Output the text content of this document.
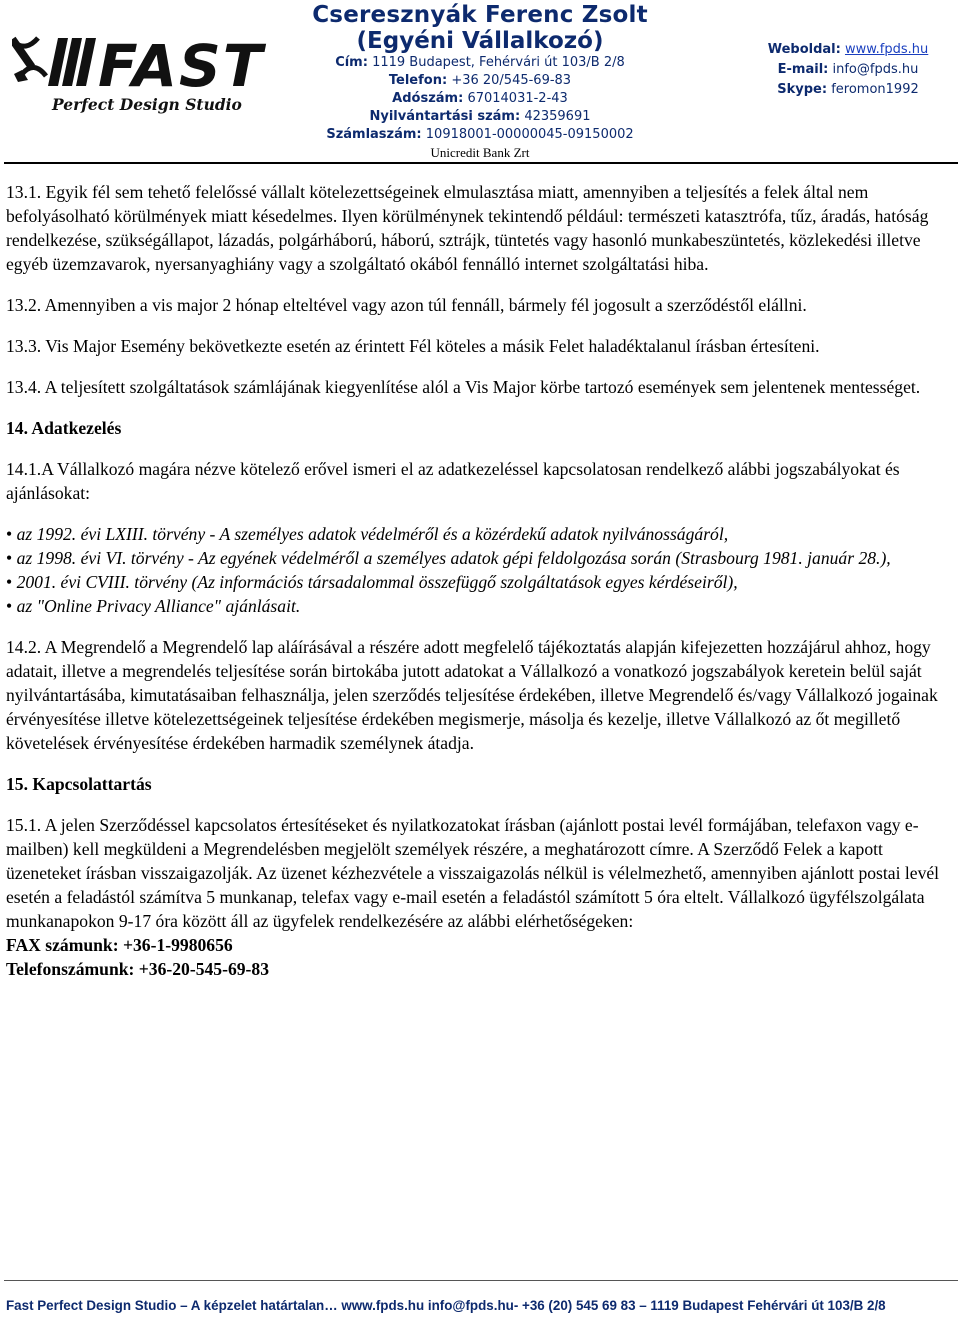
FAST
Perfect Design Studio
Cseresznyák Ferenc Zsolt
(Egyéni Vállalkozó)
Cím: 1119 Budapest, Fehérvári út 103/B 2/8
Telefon: +36 20/545-69-83
Adószám: 67014031-2-43
Nyilvántartási szám: 42359691
Számlaszám: 10918001-00000045-09150002
Unicredit Bank Zrt
Weboldal: www.fpds.hu
E-mail: info@fpds.hu
Skype: feromon1992

13.1. Egyik fél sem tehető felelőssé vállalt kötelezettségeinek elmulasztása miatt, amennyiben a teljesítés a felek által nem befolyásolható körülmények miatt késedelmes. Ilyen körülménynek tekintendő például: természeti katasztrófa, tűz, áradás, hatóság rendelkezése, szükségállapot, lázadás, polgárháború, háború, sztrájk, tüntetés vagy hasonló munkabeszüntetés, közlekedési illetve egyéb üzemzavarok, nyersanyaghiány vagy a szolgáltató okából fennálló internet szolgáltatási hiba.

13.2. Amennyiben a vis major 2 hónap elteltével vagy azon túl fennáll, bármely fél jogosult a szerződéstől elállni.

13.3. Vis Major Esemény bekövetkezte esetén az érintett Fél köteles a másik Felet haladéktalanul írásban értesíteni.

13.4. A teljesített szolgáltatások számlájának kiegyenlítése alól a Vis Major körbe tartozó események sem jelentenek mentességet.

14. Adatkezelés

14.1.A Vállalkozó magára nézve kötelező erővel ismeri el az adatkezeléssel kapcsolatosan rendelkező alábbi jogszabályokat és ajánlásokat:

• az 1992. évi LXIII. törvény - A személyes adatok védelméről és a közérdekű adatok nyilvánosságáról,
• az 1998. évi VI. törvény - Az egyének védelméről a személyes adatok gépi feldolgozása során (Strasbourg 1981. január 28.),
• 2001. évi CVIII. törvény (Az információs társadalommal összefüggő szolgáltatások egyes kérdéseiről),
• az "Online Privacy Alliance" ajánlásait.

14.2. A Megrendelő a Megrendelő lap aláírásával a részére adott megfelelő tájékoztatás alapján kifejezetten hozzájárul ahhoz, hogy adatait, illetve a megrendelés teljesítése során birtokába jutott adatokat a Vállalkozó a vonatkozó jogszabályok keretein belül saját nyilvántartásába, kimutatásaiban felhasználja, jelen szerződés teljesítése érdekében, illetve Megrendelő és/vagy Vállalkozó jogainak érvényesítése illetve kötelezettségeinek teljesítése érdekében megismerje, másolja és kezelje, illetve Vállalkozó az őt megillető követelések érvényesítése érdekében harmadik személynek átadja.

15. Kapcsolattartás

15.1. A jelen Szerződéssel kapcsolatos értesítéseket és nyilatkozatokat írásban (ajánlott postai levél formájában, telefaxon vagy e-mailben) kell megküldeni a Megrendelésben megjelölt személyek részére, a meghatározott címre. A Szerződő Felek a kapott üzeneteket írásban visszaigazolják. Az üzenet kézhezvétele a visszaigazolás nélkül is vélelmezhető, amennyiben ajánlott postai levél esetén a feladástól számítva 5 munkanap, telefax vagy e-mail esetén a feladástól számított 5 óra eltelt. Vállalkozó ügyfélszolgálata munkanapokon 9-17 óra között áll az ügyfelek rendelkezésére az alábbi elérhetőségeken:

FAX számunk: +36-1-9980656
Telefonszámunk: +36-20-545-69-83
Fast Perfect Design Studio – A képzelet határtalan… www.fpds.hu info@fpds.hu- +36 (20) 545 69 83 – 1119 Budapest Fehérvári út 103/B 2/8
